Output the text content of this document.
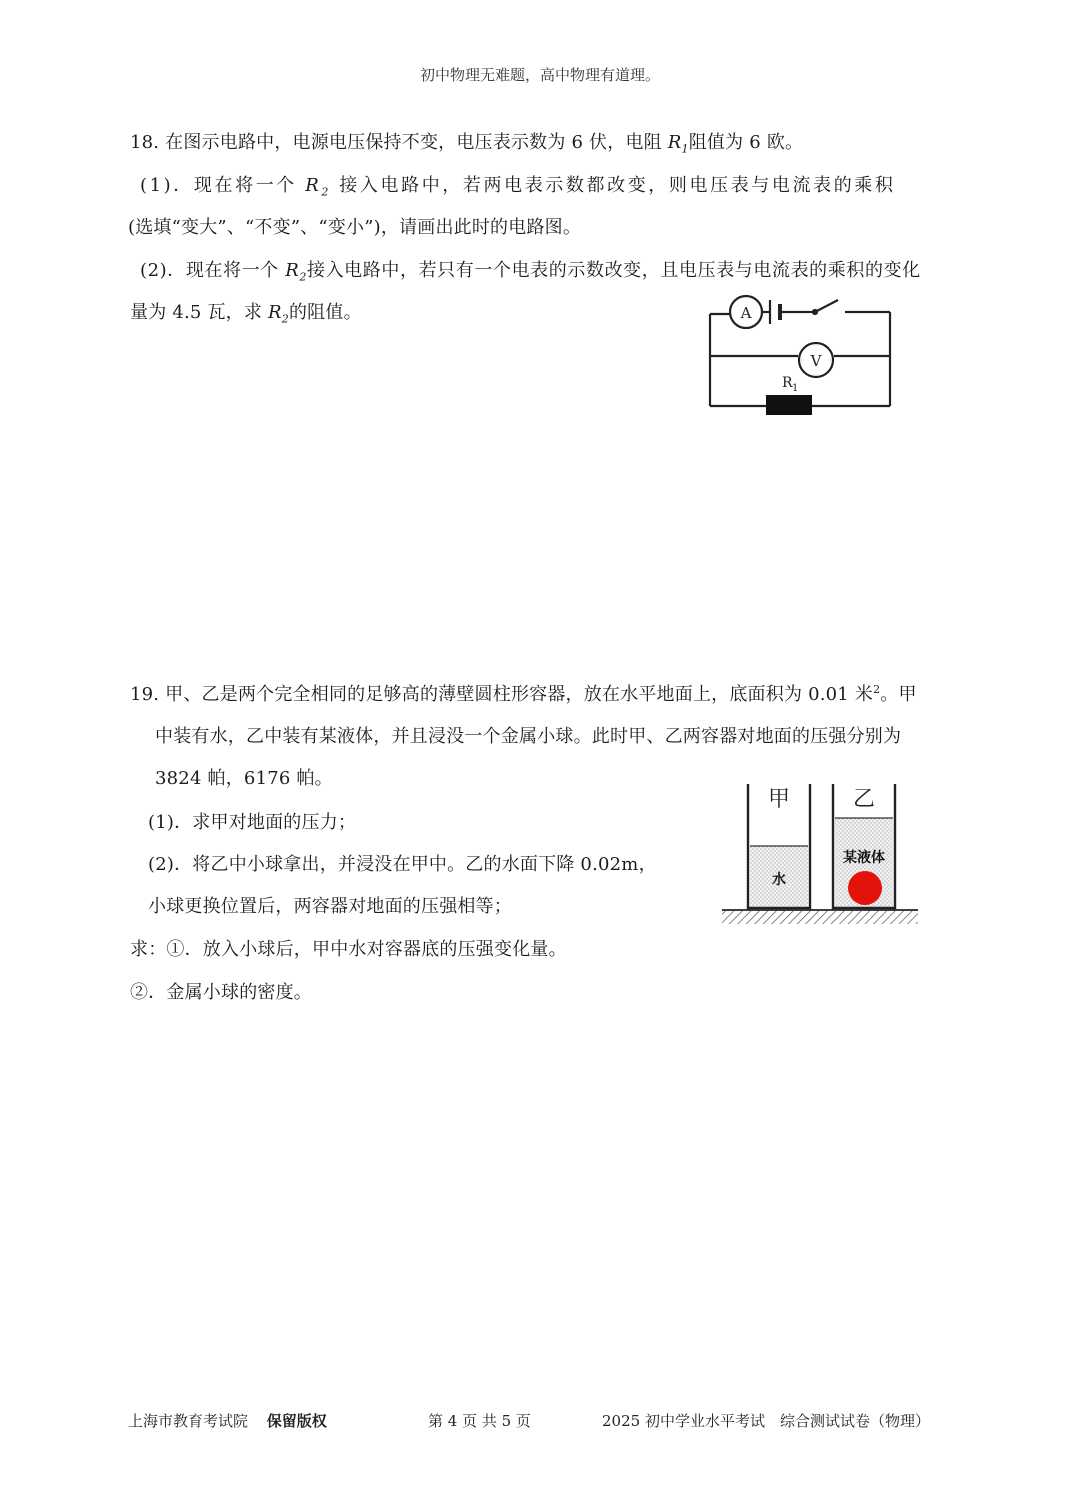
初中物理无难题，高中物理有道理。
18. 在图示电路中，电源电压保持不变，电压表示数为 6 伏，电阻 $R_1$阻值为 6 欧。
(1)．现在将一个 $R_2$ 接入电路中，若两电表示数都改变，则电压表与电流表的乘积
(选填“变大”、“不变”、“变小”)，请画出此时的电路图。
(2)．现在将一个 $R_2$接入电路中，若只有一个电表的示数改变，且电压表与电流表的乘积的变化
量为 4.5 瓦，求 $R_2$的阻值。	A
V
R 1
19. 甲、乙是两个完全相同的足够高的薄壁圆柱形容器，放在水平地面上，底面积为 0.01 米$^2$。甲
中装有水，乙中装有某液体，并且浸没一个金属小球。此时甲、乙两容器对地面的压强分别为
3824 帕，6176 帕。
(1)．求甲对地面的压力；
(2)．将乙中小球拿出，并浸没在甲中。乙的水面下降 0.02m，
小球更换位置后，两容器对地面的压强相等；
求：①．放入小球后，甲中水对容器底的压强变化量。
②．金属小球的密度。
甲	乙
水
某液体
上海市教育考试院 保留版权	第 4 页 共 5 页	2025 初中学业水平考试　综合测试试卷（物理）
